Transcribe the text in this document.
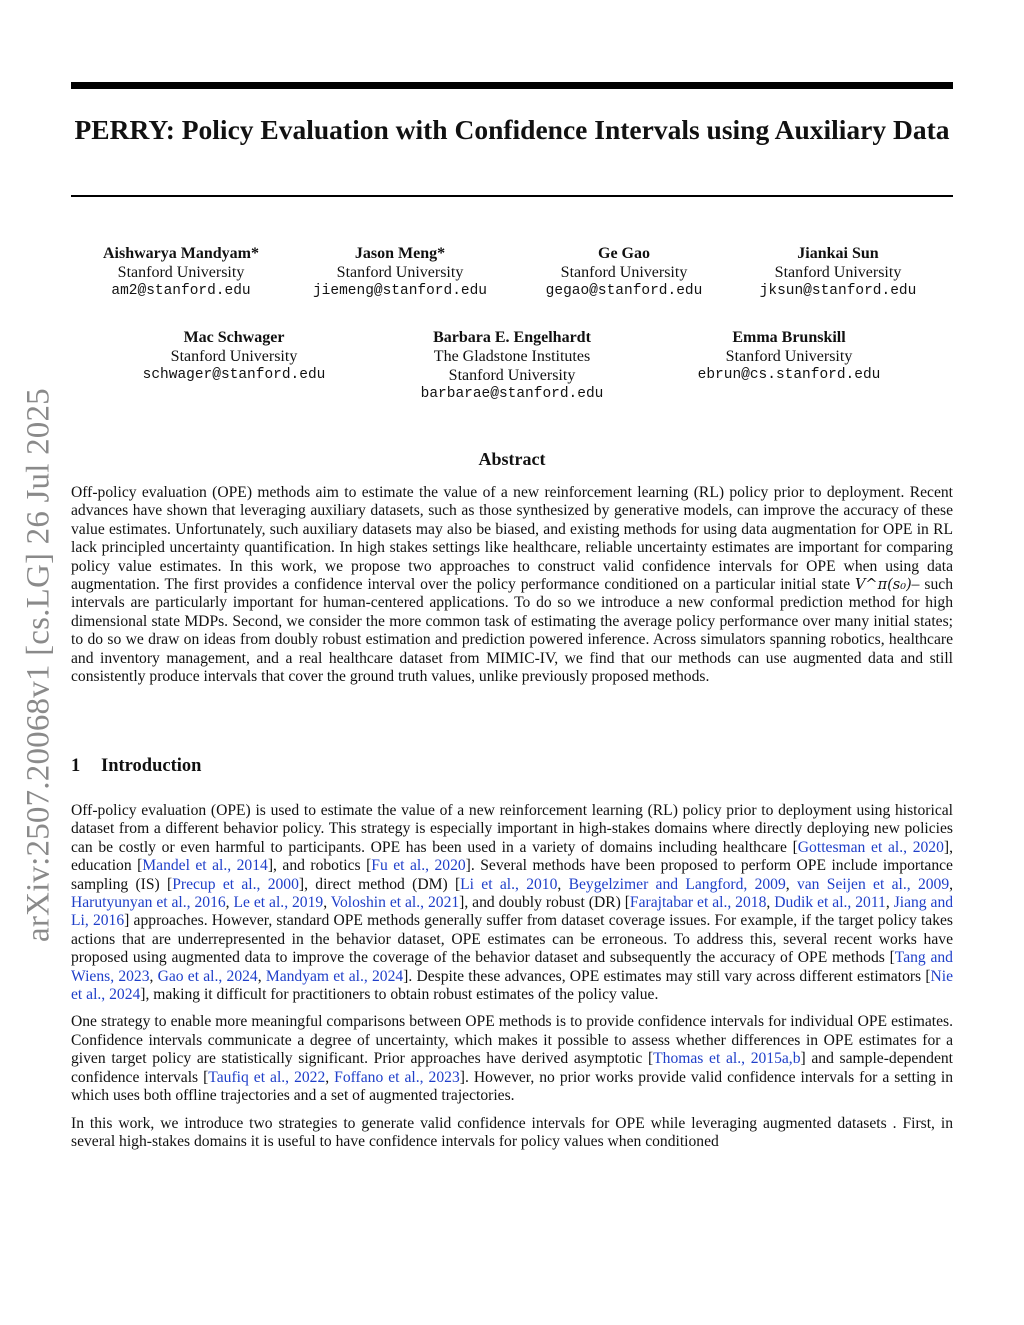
arXiv:2507.20068v1 [cs.LG] 26 Jul 2025
PERRY: Policy Evaluation with Confidence Intervals using Auxiliary Data
Aishwarya Mandyam*
Stanford University
am2@stanford.edu
Jason Meng*
Stanford University
jiemeng@stanford.edu
Ge Gao
Stanford University
gegao@stanford.edu
Jiankai Sun
Stanford University
jksun@stanford.edu
Mac Schwager
Stanford University
schwager@stanford.edu
Barbara E. Engelhardt
The Gladstone Institutes
Stanford University
barbarae@stanford.edu
Emma Brunskill
Stanford University
ebrun@cs.stanford.edu
Abstract

Off-policy evaluation (OPE) methods aim to estimate the value of a new reinforcement learning (RL) policy prior to deployment. Recent advances have shown that leveraging auxiliary datasets, such as those synthesized by generative models, can improve the accuracy of these value estimates. Unfortunately, such auxiliary datasets may also be biased, and existing methods for using data augmentation for OPE in RL lack principled uncertainty quantification. In high stakes settings like healthcare, reliable uncertainty estimates are important for comparing policy value estimates. In this work, we propose two approaches to construct valid confidence intervals for OPE when using data augmentation. The first provides a confidence interval over the policy performance conditioned on a particular initial state V^π(s₀)– such intervals are particularly important for human-centered applications. To do so we introduce a new conformal prediction method for high dimensional state MDPs. Second, we consider the more common task of estimating the average policy performance over many initial states; to do so we draw on ideas from doubly robust estimation and prediction powered inference. Across simulators spanning robotics, healthcare and inventory management, and a real healthcare dataset from MIMIC-IV, we find that our methods can use augmented data and still consistently produce intervals that cover the ground truth values, unlike previously proposed methods.

1 Introduction

Off-policy evaluation (OPE) is used to estimate the value of a new reinforcement learning (RL) policy prior to deployment using historical dataset from a different behavior policy. This strategy is especially important in high-stakes domains where directly deploying new policies can be costly or even harmful to participants. OPE has been used in a variety of domains including healthcare [Gottesman et al., 2020], education [Mandel et al., 2014], and robotics [Fu et al., 2020]. Several methods have been proposed to perform OPE include importance sampling (IS) [Precup et al., 2000], direct method (DM) [Li et al., 2010, Beygelzimer and Langford, 2009, van Seijen et al., 2009, Harutyunyan et al., 2016, Le et al., 2019, Voloshin et al., 2021], and doubly robust (DR) [Farajtabar et al., 2018, Dudik et al., 2011, Jiang and Li, 2016] approaches. However, standard OPE methods generally suffer from dataset coverage issues. For example, if the target policy takes actions that are underrepresented in the behavior dataset, OPE estimates can be erroneous. To address this, several recent works have proposed using augmented data to improve the coverage of the behavior dataset and subsequently the accuracy of OPE methods [Tang and Wiens, 2023, Gao et al., 2024, Mandyam et al., 2024]. Despite these advances, OPE estimates may still vary across different estimators [Nie et al., 2024], making it difficult for practitioners to obtain robust estimates of the policy value.

One strategy to enable more meaningful comparisons between OPE methods is to provide confidence intervals for individual OPE estimates. Confidence intervals communicate a degree of uncertainty, which makes it possible to assess whether differences in OPE estimates for a given target policy are statistically significant. Prior approaches have derived asymptotic [Thomas et al., 2015a,b] and sample-dependent confidence intervals [Taufiq et al., 2022, Foffano et al., 2023]. However, no prior works provide valid confidence intervals for a setting in which uses both offline trajectories and a set of augmented trajectories.

In this work, we introduce two strategies to generate valid confidence intervals for OPE while leveraging augmented datasets . First, in several high-stakes domains it is useful to have confidence intervals for policy values when conditioned
